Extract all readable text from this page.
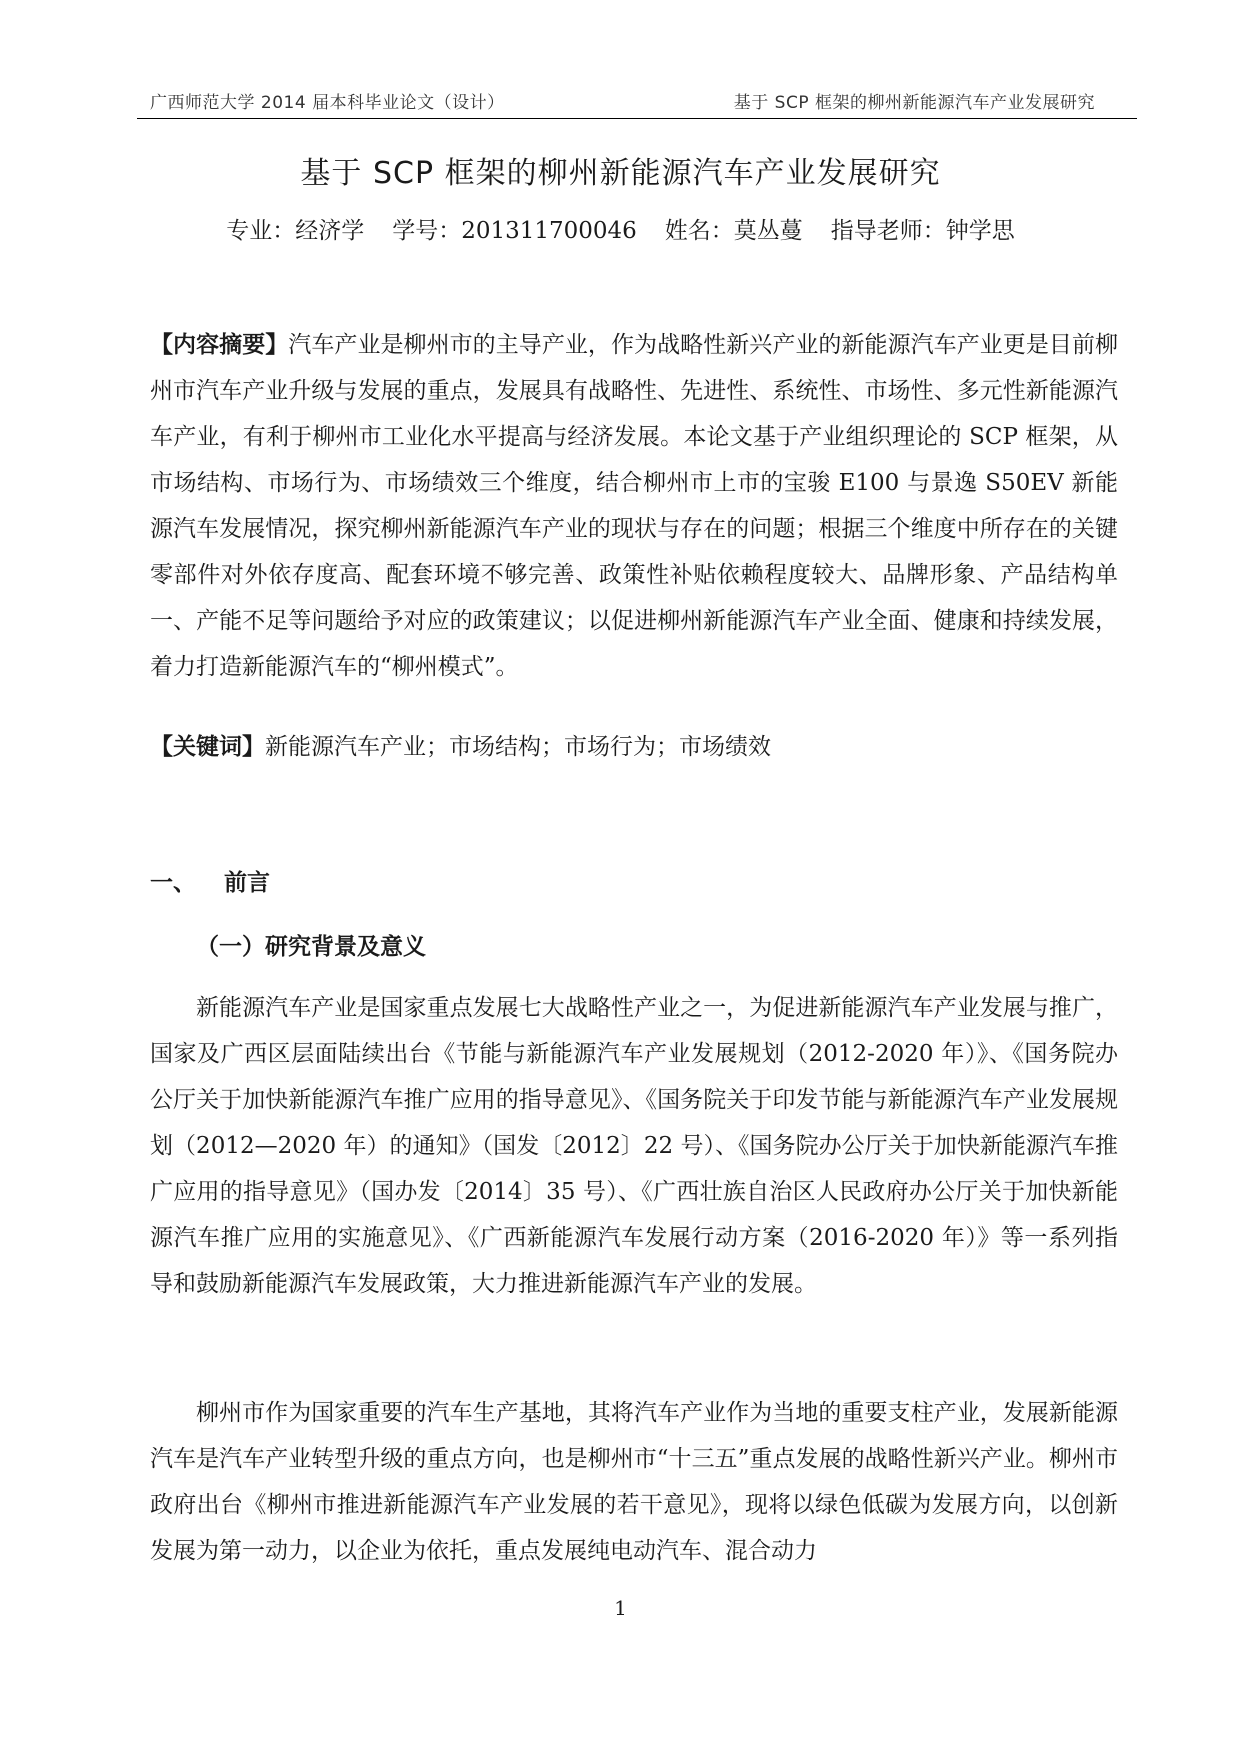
广西师范大学 2014 届本科毕业论文（设计）	基于 SCP 框架的柳州新能源汽车产业发展研究
基于 SCP 框架的柳州新能源汽车产业发展研究
专业：经济学 学号：201311700046 姓名：莫丛蔓 指导老师：钟学思

【内容摘要】汽车产业是柳州市的主导产业，作为战略性新兴产业的新能源汽车产业更是目前柳州市汽车产业升级与发展的重点，发展具有战略性、先进性、系统性、市场性、多元性新能源汽车产业，有利于柳州市工业化水平提高与经济发展。本论文基于产业组织理论的 SCP 框架，从市场结构、市场行为、市场绩效三个维度，结合柳州市上市的宝骏 E100 与景逸 S50EV 新能源汽车发展情况，探究柳州新能源汽车产业的现状与存在的问题；根据三个维度中所存在的关键零部件对外依存度高、配套环境不够完善、政策性补贴依赖程度较大、品牌形象、产品结构单一、产能不足等问题给予对应的政策建议；以促进柳州新能源汽车产业全面、健康和持续发展，着力打造新能源汽车的“柳州模式”。

【关键词】新能源汽车产业；市场结构；市场行为；市场绩效

一、 前言
（一）研究背景及意义

新能源汽车产业是国家重点发展七大战略性产业之一，为促进新能源汽车产业发展与推广，国家及广西区层面陆续出台《节能与新能源汽车产业发展规划（2012-2020 年）》、《国务院办公厅关于加快新能源汽车推广应用的指导意见》、《国务院关于印发节能与新能源汽车产业发展规划（2012—2020 年）的通知》（国发〔2012〕22 号）、《国务院办公厅关于加快新能源汽车推广应用的指导意见》（国办发〔2014〕35 号）、《广西壮族自治区人民政府办公厅关于加快新能源汽车推广应用的实施意见》、《广西新能源汽车发展行动方案（2016-2020 年）》等一系列指导和鼓励新能源汽车发展政策，大力推进新能源汽车产业的发展。

柳州市作为国家重要的汽车生产基地，其将汽车产业作为当地的重要支柱产业，发展新能源汽车是汽车产业转型升级的重点方向，也是柳州市“十三五”重点发展的战略性新兴产业。柳州市政府出台《柳州市推进新能源汽车产业发展的若干意见》，现将以绿色低碳为发展方向，以创新发展为第一动力，以企业为依托，重点发展纯电动汽车、混合动力

1
